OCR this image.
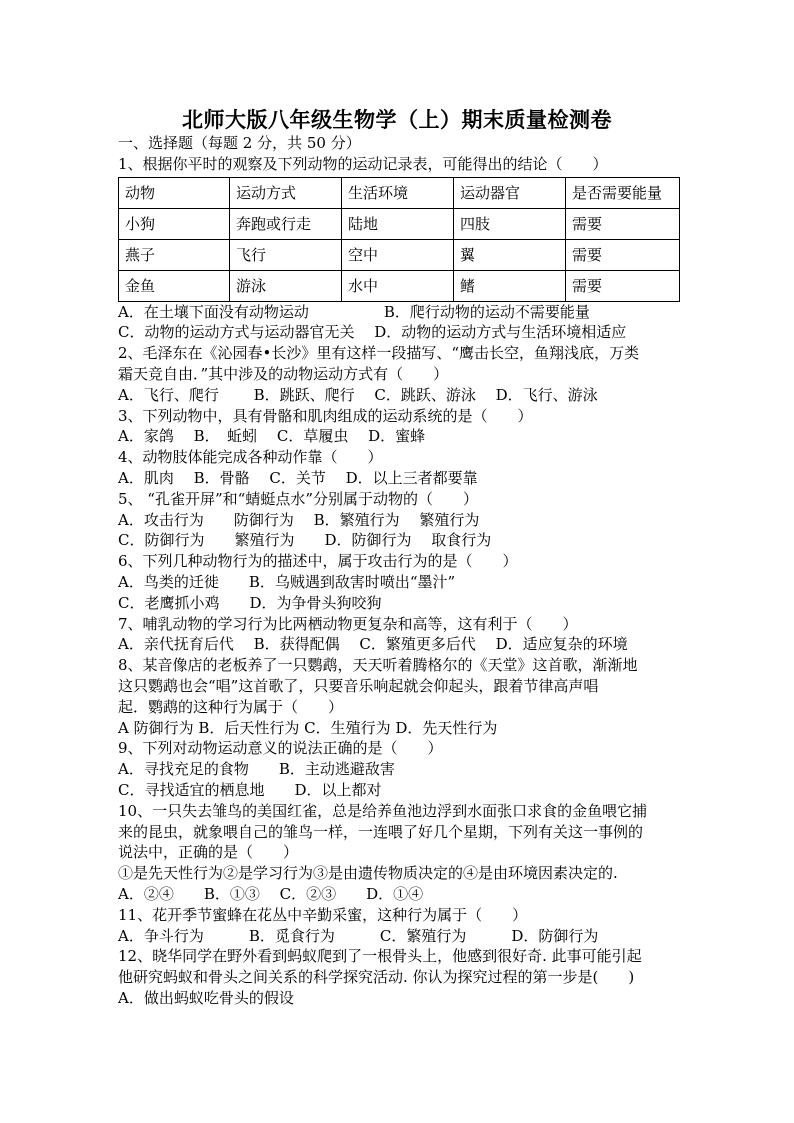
北师大版八年级生物学（上）期末质量检测卷
一、选择题（每题 2 分，共 50 分）
1、根据你平时的观察及下列动物的运动记录表，可能得出的结论（　　）
动物	运动方式	生活环境	运动器官	是否需要能量
小狗	奔跑或行走	陆地	四肢	需要
燕子	飞行	空中	翼	需要
金鱼	游泳	水中	鳍	需要
A．在土壤下面没有动物运动　　　　　B．爬行动物的运动不需要能量
C．动物的运动方式与运动器官无关　 D．动物的运动方式与生活环境相适应
2、毛泽东在《沁园春•长沙》里有这样一段描写、“鹰击长空，鱼翔浅底，万类
霜天竞自由．”其中涉及的动物运动方式有（　　）
A．飞行、爬行　　 B．跳跃、爬行　 C．跳跃、游泳　 D．飞行、游泳
3、下列动物中，具有骨骼和肌肉组成的运动系统的是（　　）
A．家鸽　 B．　蚯蚓　 C．草履虫　 D．蜜蜂
4、动物肢体能完成各种动作靠（　　）
A．肌肉　 B．骨骼　 C．关节　 D．以上三者都要靠
5、 “孔雀开屏”和“蜻蜓点水”分别属于动物的（　　）
A．攻击行为　　防御行为　 B．繁殖行为　 繁殖行为
C．防御行为　　繁殖行为　　D．防御行为　 取食行为
6、下列几种动物行为的描述中，属于攻击行为的是（　　）
A．鸟类的迁徙　　B．乌贼遇到敌害时喷出“墨汁”
C．老鹰抓小鸡　　D．为争骨头狗咬狗
7、哺乳动物的学习行为比两栖动物更复杂和高等，这有利于（　　）
A．亲代抚育后代　 B．获得配偶　 C．繁殖更多后代　 D．适应复杂的环境
8、某音像店的老板养了一只鹦鹉，天天听着腾格尔的《天堂》这首歌，渐渐地
这只鹦鹉也会“唱”这首歌了，只要音乐响起就会仰起头，跟着节律高声唱
起．鹦鹉的这种行为属于（　　）
A 防御行为 B．后天性行为 C．生殖行为 D．先天性行为
9、下列对动物运动意义的说法正确的是（　　）
A．寻找充足的食物　　B．主动逃避敌害
C．寻找适宜的栖息地　　D．以上都对
10、一只失去雏鸟的美国红雀，总是给养鱼池边浮到水面张口求食的金鱼喂它捕
来的昆虫，就象喂自己的雏鸟一样，一连喂了好几个星期，下列有关这一事例的
说法中，正确的是（　　）
①是先天性行为②是学习行为③是由遗传物质决定的④是由环境因素决定的.
A．②④　　B．①③　 C．②③　　D．①④
11、花开季节蜜蜂在花丛中辛勤采蜜，这种行为属于（　　）
A．争斗行为　　　B．觅食行为　　　C．繁殖行为　　　D．防御行为
12、晓华同学在野外看到蚂蚁爬到了一根骨头上，他感到很好奇. 此事可能引起
他研究蚂蚁和骨头之间关系的科学探究活动. 你认为探究过程的第一步是(　　)
A．做出蚂蚁吃骨头的假设
